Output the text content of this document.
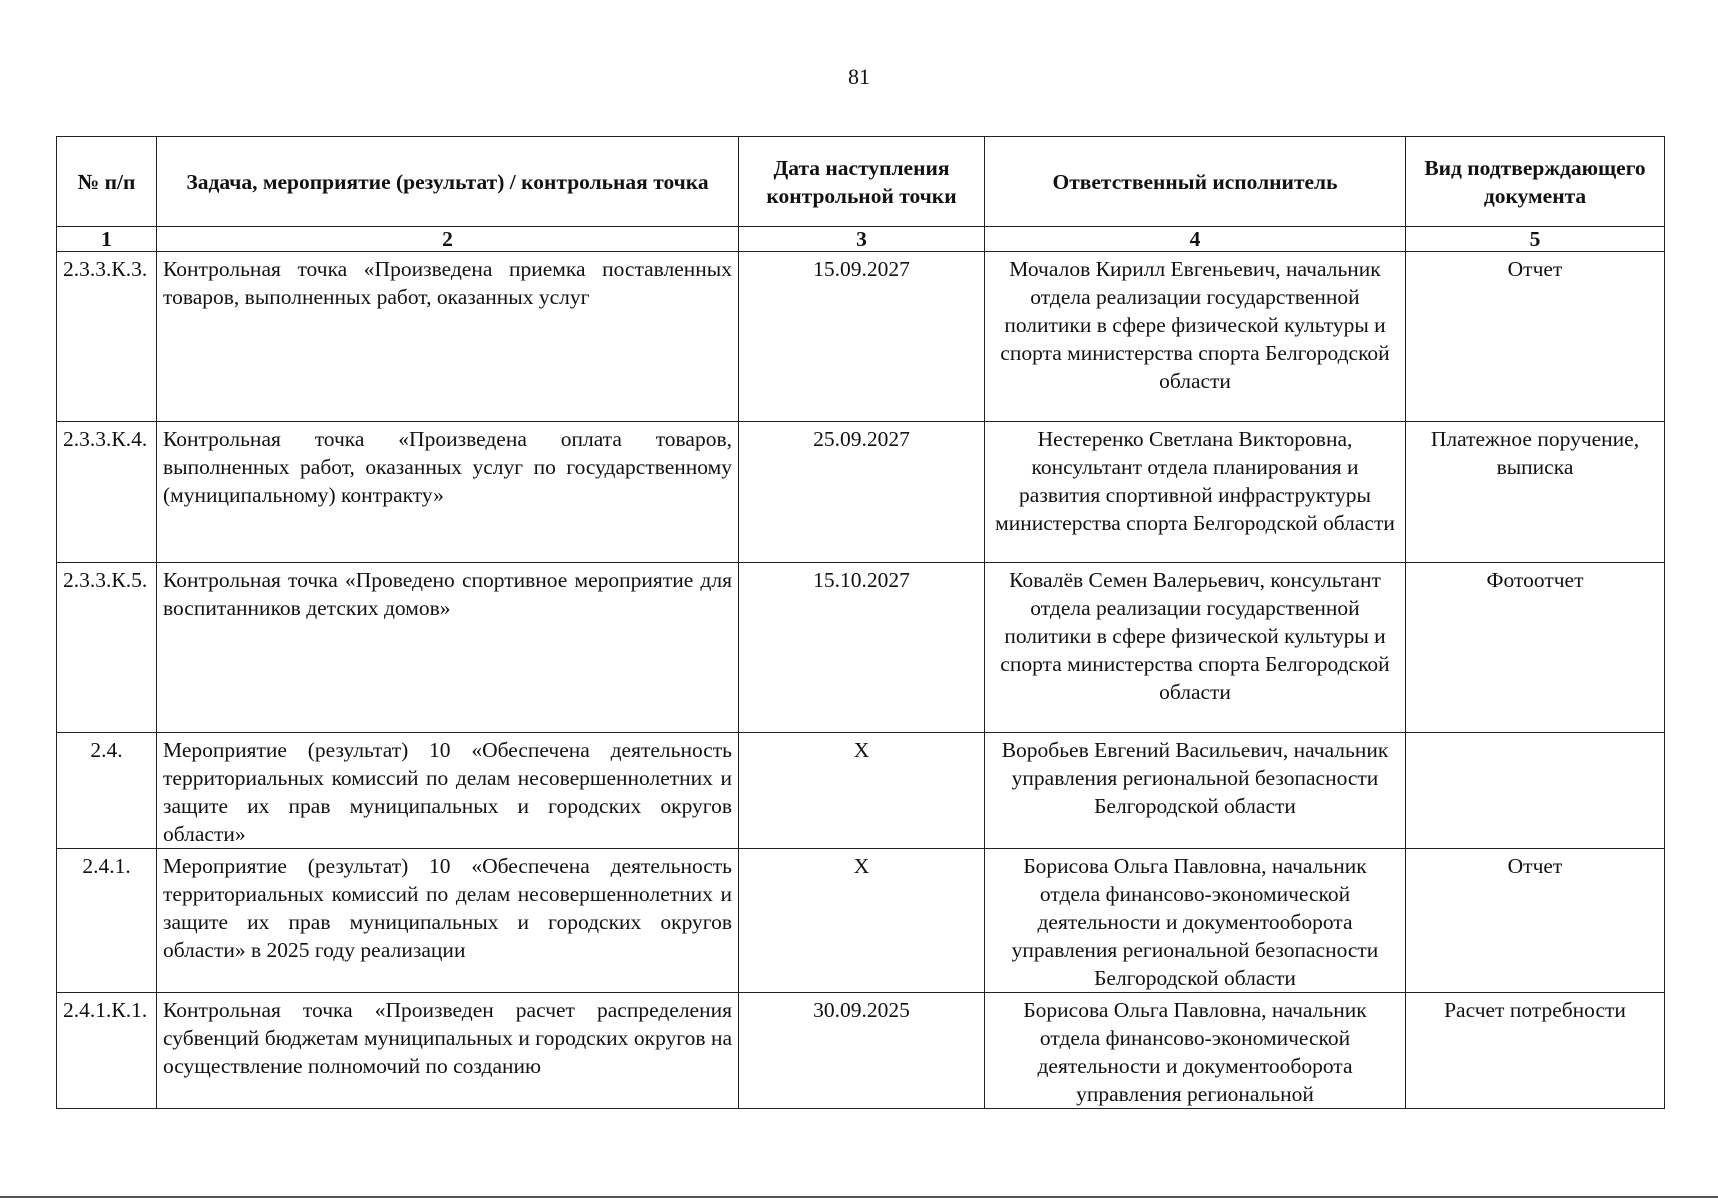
81
№ п/п	Задача, мероприятие (результат) / контрольная точка	Дата наступления контрольной точки	Ответственный исполнитель	Вид подтверждающего документа
1	2	3	4	5
2.3.3.К.3.	Контрольная точка «Произведена приемка поставленных товаров, выполненных работ, оказанных услуг	15.09.2027	Мочалов Кирилл Евгеньевич, начальник отдела реализации государственной политики в сфере физической культуры и спорта министерства спорта Белгородской области	Отчет
2.3.3.К.4.	Контрольная точка «Произведена оплата товаров, выполненных работ, оказанных услуг по государственному (муниципальному) контракту»	25.09.2027	Нестеренко Светлана Викторовна, консультант отдела планирования и развития спортивной инфраструктуры министерства спорта Белгородской области	Платежное поручение, выписка
2.3.3.К.5.	Контрольная точка «Проведено спортивное мероприятие для воспитанников детских домов»	15.10.2027	Ковалёв Семен Валерьевич, консультант отдела реализации государственной политики в сфере физической культуры и спорта министерства спорта Белгородской области	Фотоотчет
2.4.	Мероприятие (результат) 10 «Обеспечена деятельность территориальных комиссий по делам несовершеннолетних и защите их прав муниципальных и городских округов области»	X	Воробьев Евгений Васильевич, начальник управления региональной безопасности Белгородской области	
2.4.1.	Мероприятие (результат) 10 «Обеспечена деятельность территориальных комиссий по делам несовершеннолетних и защите их прав муниципальных и городских округов области» в 2025 году реализации	X	Борисова Ольга Павловна, начальник отдела финансово-экономической деятельности и документооборота управления региональной безопасности Белгородской области	Отчет
2.4.1.К.1.	Контрольная точка «Произведен расчет распределения субвенций бюджетам муниципальных и городских округов на осуществление полномочий по созданию	30.09.2025	Борисова Ольга Павловна, начальник отдела финансово-экономической деятельности и документооборота управления региональной	Расчет потребности
